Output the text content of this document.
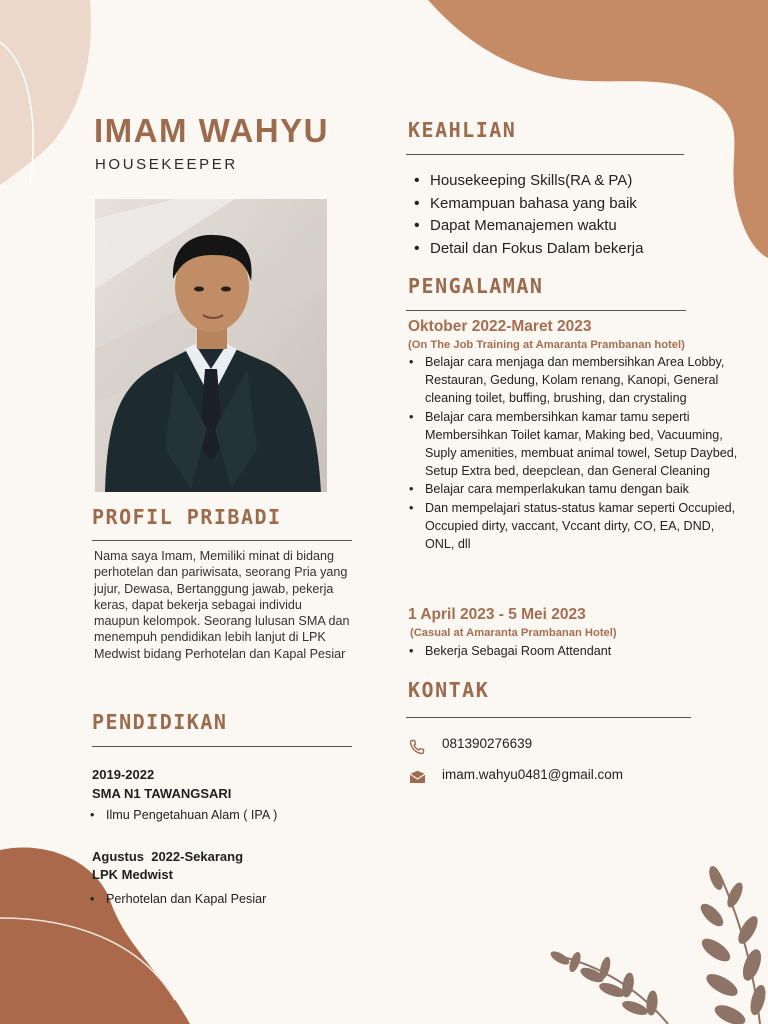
IMAM WAHYU
HOUSEKEEPER
PROFIL PRIBADI
Nama saya Imam, Memiliki minat di bidang perhotelan dan pariwisata, seorang Pria yang jujur, Dewasa, Bertanggung jawab, pekerja keras, dapat bekerja sebagai individu maupun kelompok. Seorang lulusan SMA dan menempuh pendidikan lebih lanjut di LPK Medwist bidang Perhotelan dan Kapal Pesiar
PENDIDIKAN
2019-2022
SMA N1 TAWANGSARI
• Ilmu Pengetahuan Alam ( IPA )
Agustus  2022-Sekarang
LPK Medwist
• Perhotelan dan Kapal Pesiar
KEAHLIAN
• Housekeeping Skills(RA & PA)
• Kemampuan bahasa yang baik
• Dapat Memanajemen waktu
• Detail dan Fokus Dalam bekerja
PENGALAMAN
Oktober 2022-Maret 2023
(On The Job Training at Amaranta Prambanan hotel)
• Belajar cara menjaga dan membersihkan Area Lobby, Restauran, Gedung, Kolam renang, Kanopi, General cleaning toilet, buffing, brushing, dan crystaling
• Belajar cara membersihkan kamar tamu seperti Membersihkan Toilet kamar, Making bed, Vacuuming, Suply amenities, membuat animal towel, Setup Daybed, Setup Extra bed, deepclean, dan General Cleaning
• Belajar cara memperlakukan tamu dengan baik
• Dan mempelajari status-status kamar seperti Occupied, Occupied dirty, vaccant, Vccant dirty, CO, EA, DND, ONL, dll
1 April 2023 - 5 Mei 2023
(Casual at Amaranta Prambanan Hotel)
• Bekerja Sebagai Room Attendant
KONTAK
081390276639
imam.wahyu0481@gmail.com
